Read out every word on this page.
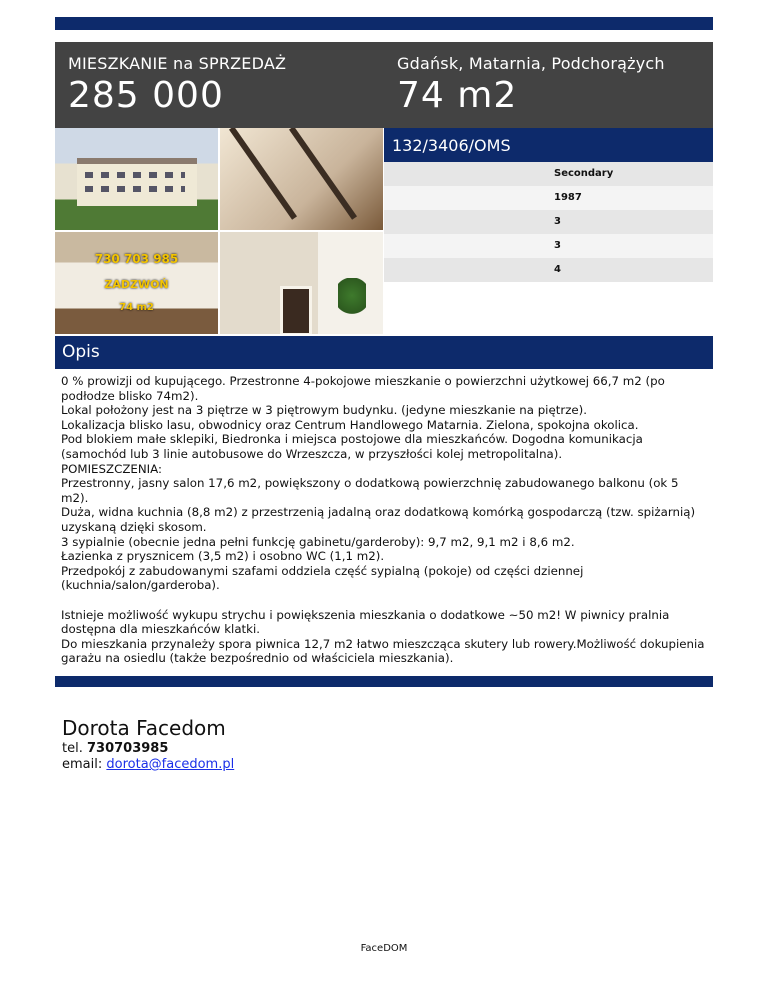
MIESZKANIE na SPRZEDAŻ
285 000
Gdańsk, Matarnia, Podchorążych
74 m2
730 703 985
ZADZWOŃ
74 m2
132/3406/OMS
Secondary
1987
3
3
4
Opis
0 % prowizji od kupującego. Przestronne 4-pokojowe mieszkanie o powierzchni użytkowej 66,7 m2 (po podłodze blisko 74m2).
Lokal położony jest na 3 piętrze w 3 piętrowym budynku. (jedyne mieszkanie na piętrze).
Lokalizacja blisko lasu, obwodnicy oraz Centrum Handlowego Matarnia. Zielona, spokojna okolica.
Pod blokiem małe sklepiki, Biedronka i miejsca postojowe dla mieszkańców. Dogodna komunikacja (samochód lub 3 linie autobusowe do Wrzeszcza, w przyszłości kolej metropolitalna).
POMIESZCZENIA:
Przestronny, jasny salon 17,6 m2, powiększony o dodatkową powierzchnię zabudowanego balkonu (ok 5 m2).
Duża, widna kuchnia (8,8 m2) z przestrzenią jadalną oraz dodatkową komórką gospodarczą (tzw. spiżarnią) uzyskaną dzięki skosom.
3 sypialnie (obecnie jedna pełni funkcję gabinetu/garderoby): 9,7 m2, 9,1 m2 i 8,6 m2.
Łazienka z prysznicem (3,5 m2) i osobno WC (1,1 m2).
Przedpokój z zabudowanymi szafami oddziela część sypialną (pokoje) od części dziennej (kuchnia/salon/garderoba).

Istnieje możliwość wykupu strychu i powiększenia mieszkania o dodatkowe ~50 m2! W piwnicy pralnia dostępna dla mieszkańców klatki.
Do mieszkania przynależy spora piwnica 12,7 m2 łatwo mieszcząca skutery lub rowery.Możliwość dokupienia garażu na osiedlu (także bezpośrednio od właściciela mieszkania).
Dorota Facedom
tel. 730703985
email: dorota@facedom.pl
FaceDOM
